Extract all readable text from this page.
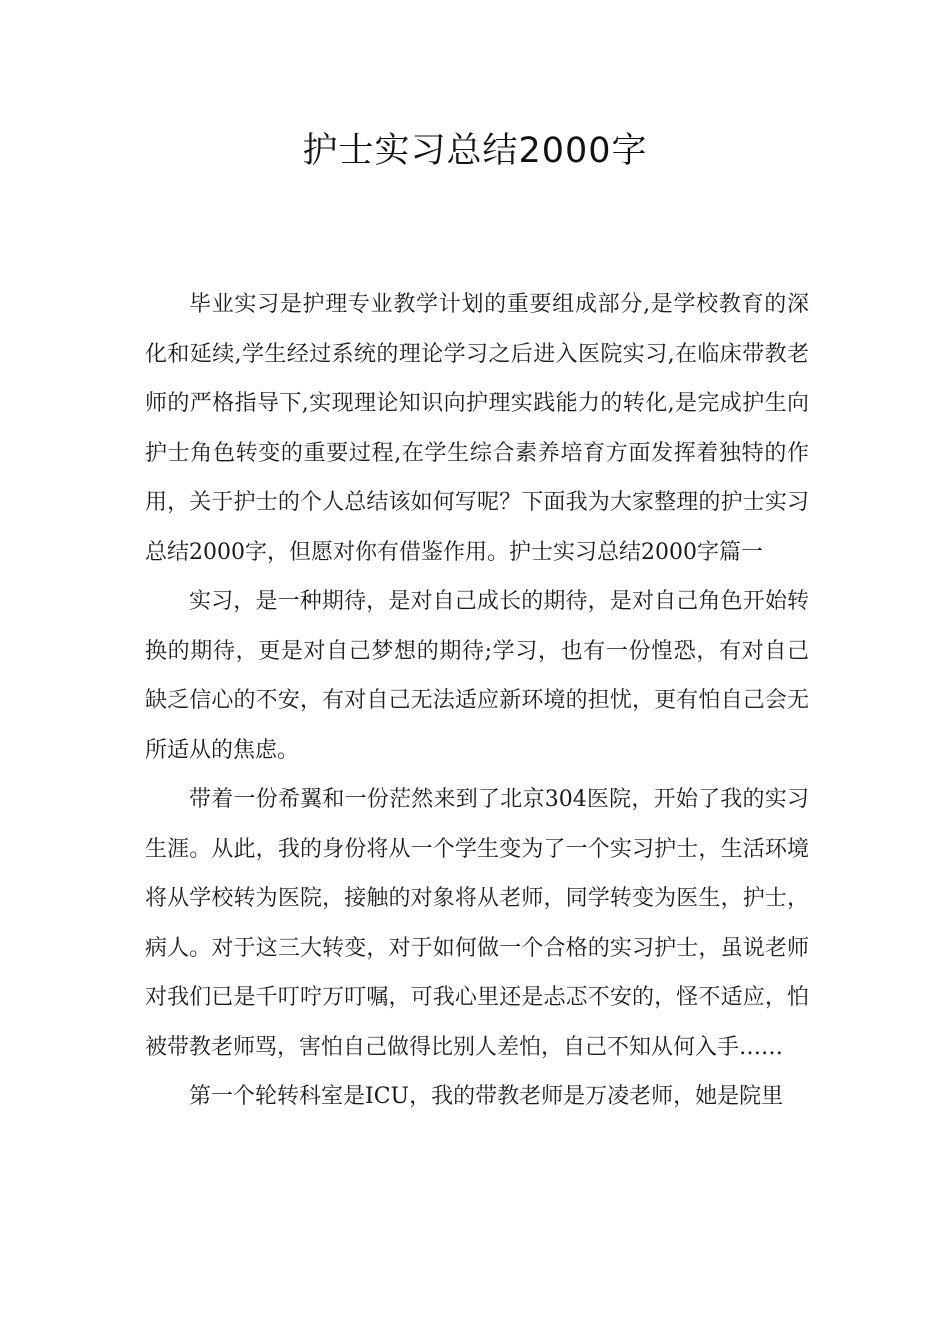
护士实习总结2000字

毕业实习是护理专业教学计划的重要组成部分,是学校教育的深化和延续,学生经过系统的理论学习之后进入医院实习,在临床带教老师的严格指导下,实现理论知识向护理实践能力的转化,是完成护生向护士角色转变的重要过程,在学生综合素养培育方面发挥着独特的作用，关于护士的个人总结该如何写呢？下面我为大家整理的护士实习总结2000字，但愿对你有借鉴作用。护士实习总结2000字篇一

实习，是一种期待，是对自己成长的期待，是对自己角色开始转换的期待，更是对自己梦想的期待;学习，也有一份惶恐，有对自己缺乏信心的不安，有对自己无法适应新环境的担忧，更有怕自己会无所适从的焦虑。

带着一份希翼和一份茫然来到了北京304医院，开始了我的实习生涯。从此，我的身份将从一个学生变为了一个实习护士，生活环境将从学校转为医院，接触的对象将从老师，同学转变为医生，护士，病人。对于这三大转变，对于如何做一个合格的实习护士，虽说老师对我们已是千叮咛万叮嘱，可我心里还是忐忑不安的，怪不适应，怕被带教老师骂，害怕自己做得比别人差怕，自己不知从何入手……

第一个轮转科室是ICU，我的带教老师是万凌老师，她是院里
